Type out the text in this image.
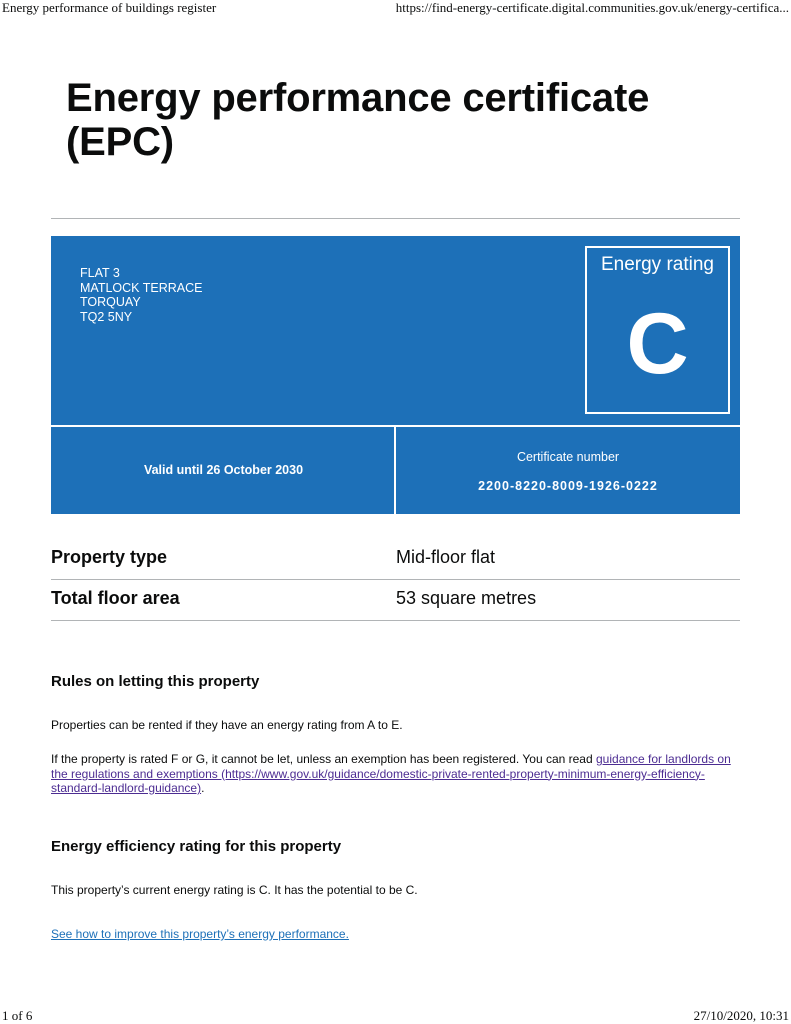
Energy performance of buildings register	https://find-energy-certificate.digital.communities.gov.uk/energy-certifica...
Energy performance certificate (EPC)
FLAT 3
MATLOCK TERRACE
TORQUAY
TQ2 5NY
Energy rating
C
Valid until 26 October 2030
Certificate number
2200-8220-8009-1926-0222
Property type	Mid-floor flat
Total floor area	53 square metres
Rules on letting this property

Properties can be rented if they have an energy rating from A to E.

If the property is rated F or G, it cannot be let, unless an exemption has been registered. You can read guidance for landlords on the regulations and exemptions (https://www.gov.uk/guidance/domestic-private-rented-property-minimum-energy-efficiency-standard-landlord-guidance).

Energy efficiency rating for this property

This property’s current energy rating is C. It has the potential to be C.

See how to improve this property’s energy performance.

1 of 6	27/10/2020, 10:31
